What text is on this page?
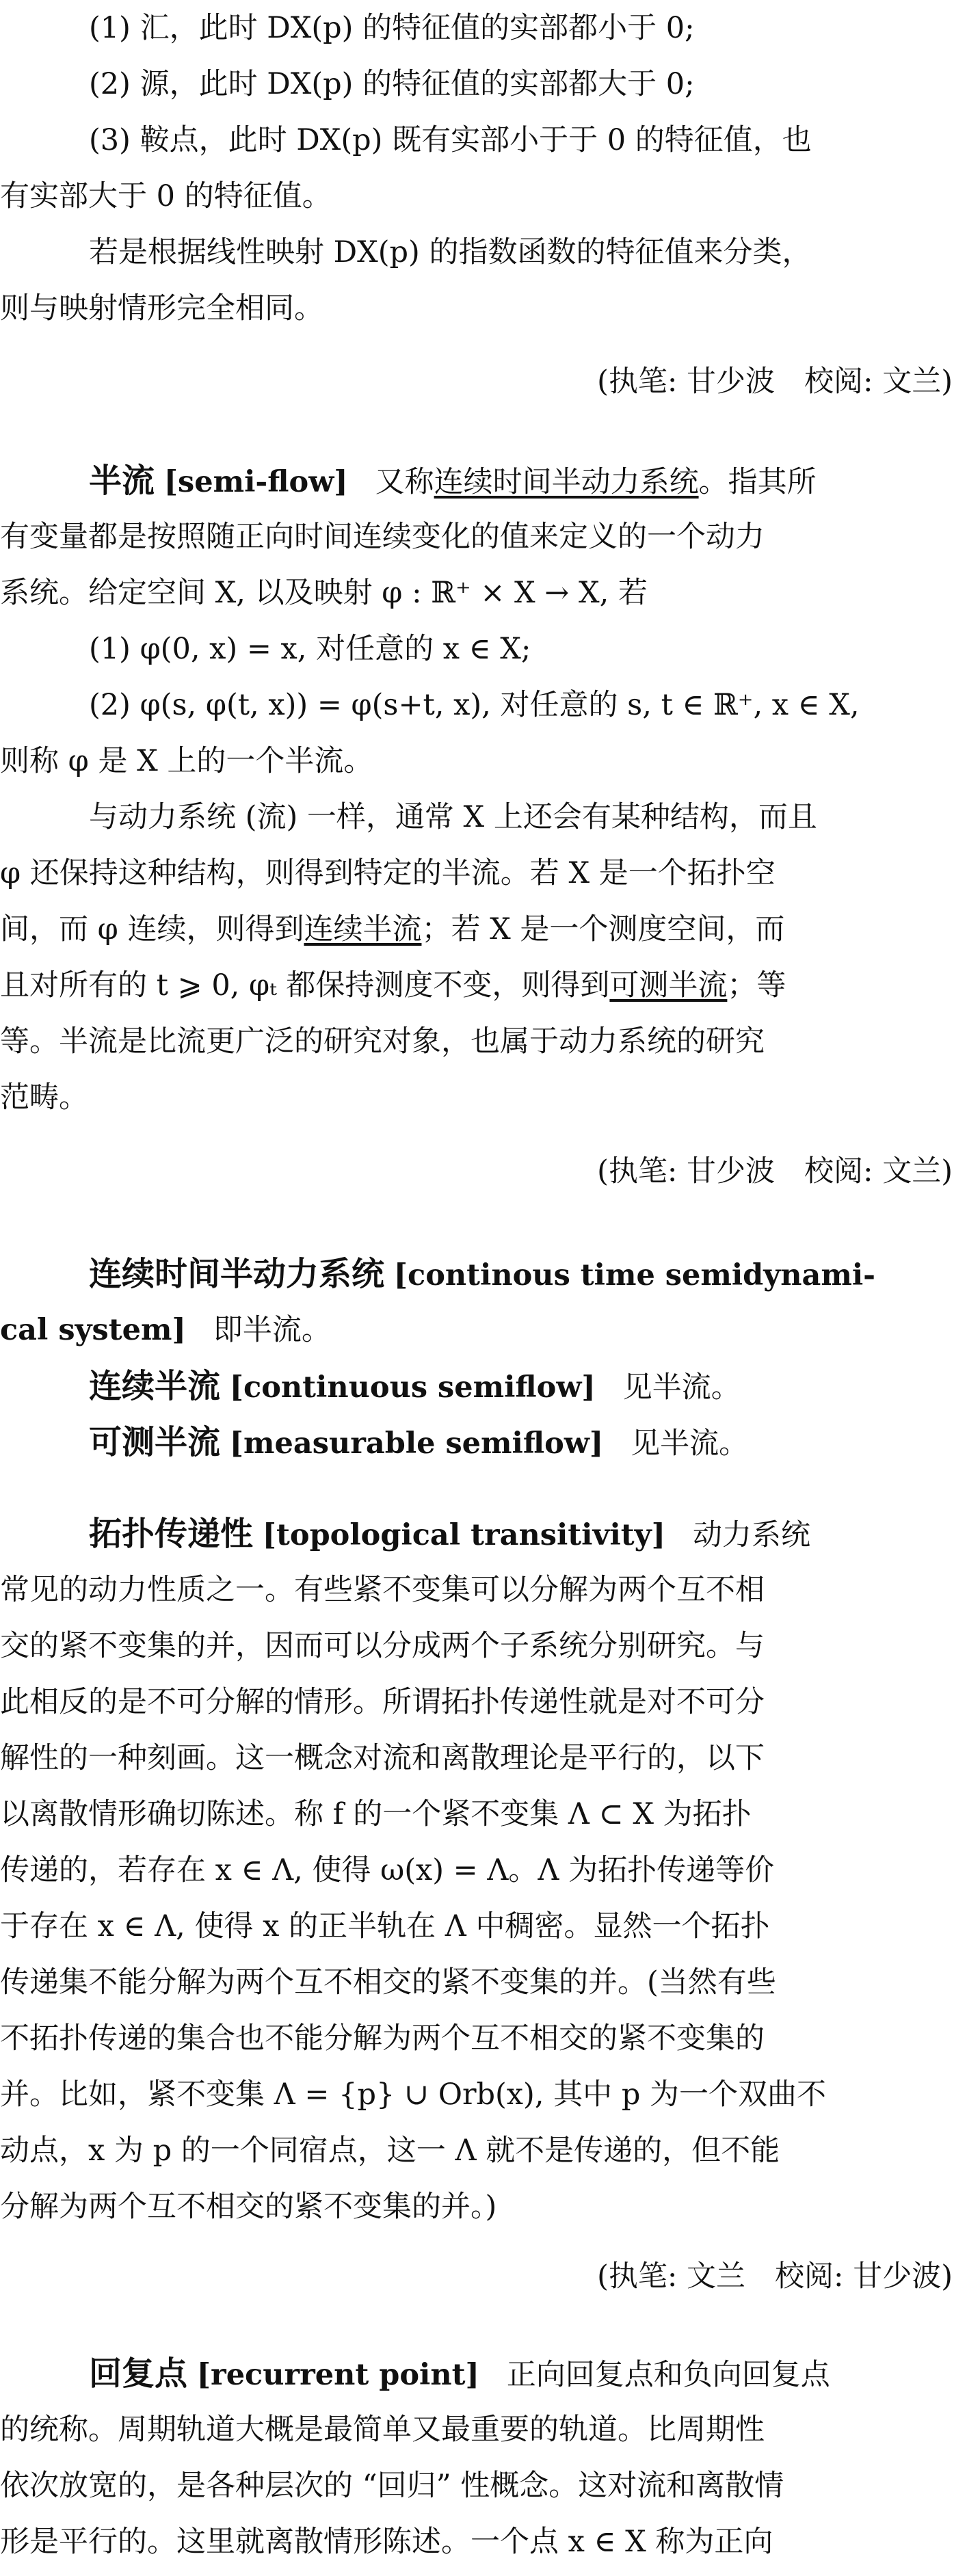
(1) 汇，此时 DX(p) 的特征值的实部都小于 0;

(2) 源，此时 DX(p) 的特征值的实部都大于 0;

(3) 鞍点，此时 DX(p) 既有实部小于于 0 的特征值，也

有实部大于 0 的特征值。

若是根据线性映射 DX(p) 的指数函数的特征值来分类，

则与映射情形完全相同。

(执笔: 甘少波　校阅: 文兰)

半流 [semi-flow] 又称连续时间半动力系统。指其所

有变量都是按照随正向时间连续变化的值来定义的一个动力

系统。给定空间 X, 以及映射 φ : ℝ⁺ × X → X, 若

(1) φ(0, x) = x, 对任意的 x ∈ X;

(2) φ(s, φ(t, x)) = φ(s+t, x), 对任意的 s, t ∈ ℝ⁺, x ∈ X,

则称 φ 是 X 上的一个半流。

与动力系统 (流) 一样，通常 X 上还会有某种结构，而且

φ 还保持这种结构，则得到特定的半流。若 X 是一个拓扑空

间，而 φ 连续，则得到连续半流；若 X 是一个测度空间，而

且对所有的 t ⩾ 0, φₜ 都保持测度不变，则得到可测半流；等

等。半流是比流更广泛的研究对象，也属于动力系统的研究

范畴。

(执笔: 甘少波　校阅: 文兰)

连续时间半动力系统 [continous time semidynami-

cal system] 即半流。

连续半流 [continuous semiflow] 见半流。

可测半流 [measurable semiflow] 见半流。

拓扑传递性 [topological transitivity] 动力系统

常见的动力性质之一。有些紧不变集可以分解为两个互不相

交的紧不变集的并，因而可以分成两个子系统分别研究。与

此相反的是不可分解的情形。所谓拓扑传递性就是对不可分

解性的一种刻画。这一概念对流和离散理论是平行的，以下

以离散情形确切陈述。称 f 的一个紧不变集 Λ ⊂ X 为拓扑

传递的，若存在 x ∈ Λ, 使得 ω(x) = Λ。Λ 为拓扑传递等价

于存在 x ∈ Λ, 使得 x 的正半轨在 Λ 中稠密。显然一个拓扑

传递集不能分解为两个互不相交的紧不变集的并。(当然有些

不拓扑传递的集合也不能分解为两个互不相交的紧不变集的

并。比如，紧不变集 Λ = {p} ∪ Orb(x), 其中 p 为一个双曲不

动点，x 为 p 的一个同宿点，这一 Λ 就不是传递的，但不能

分解为两个互不相交的紧不变集的并。)

(执笔: 文兰　校阅: 甘少波)

回复点 [recurrent point] 正向回复点和负向回复点

的统称。周期轨道大概是最简单又最重要的轨道。比周期性

依次放宽的，是各种层次的 “回归” 性概念。这对流和离散情

形是平行的。这里就离散情形陈述。一个点 x ∈ X 称为正向
